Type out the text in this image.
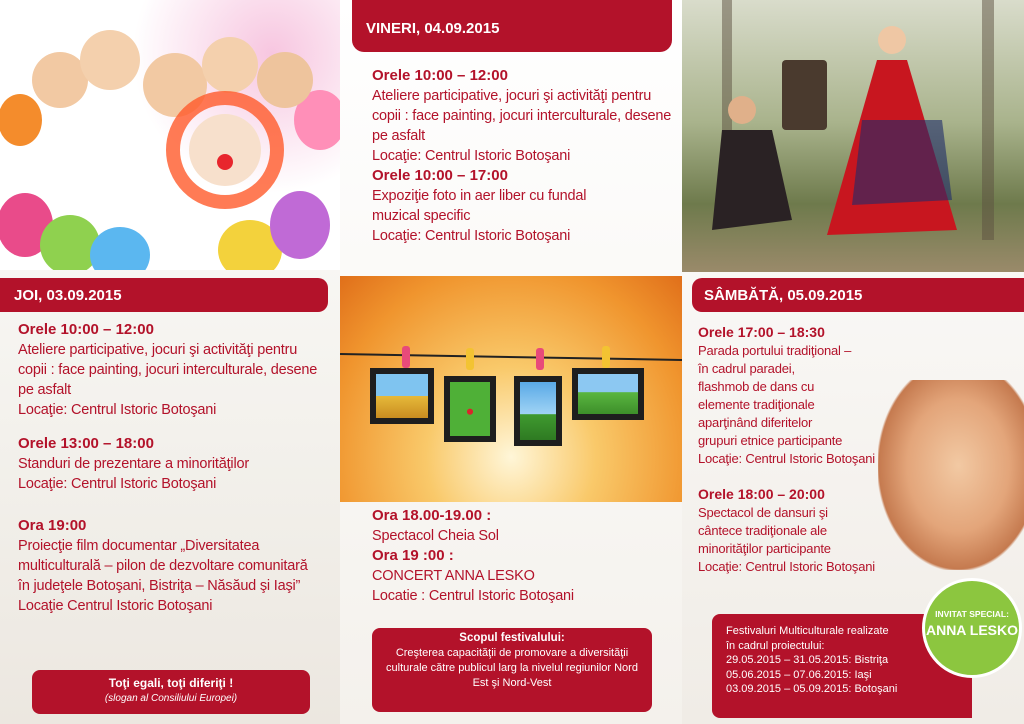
JOI, 03.09.2015
Orele 10:00 – 12:00
Ateliere participative, jocuri şi activităţi pentru
copii : face painting, jocuri interculturale, desene
pe asfalt
Locaţie: Centrul Istoric Botoşani
Orele 13:00 – 18:00
Standuri de prezentare a minorităţilor
Locaţie: Centrul Istoric Botoşani
Ora 19:00
Proiecţie film documentar „Diversitatea
multiculturală – pilon de dezvoltare comunitară
în judeţele Botoşani, Bistriţa – Năsăud şi Iaşi”
Locaţie Centrul Istoric Botoşani
Toţi egali, toţi diferiţi !
(slogan al Consiliului Europei)
VINERI, 04.09.2015
Orele 10:00 – 12:00
Ateliere participative, jocuri şi activităţi pentru
copii : face painting, jocuri interculturale, desene
pe asfalt
Locaţie: Centrul Istoric Botoşani
Orele 10:00 – 17:00
Expoziţie foto in aer liber cu fundal
muzical specific
Locaţie: Centrul Istoric Botoşani
Ora 18.00-19.00 :
Spectacol Cheia Sol
Ora 19 :00 :
CONCERT ANNA LESKO
Locatie : Centrul Istoric Botoşani
Scopul festivalului:
Creşterea capacităţii de promovare a diversităţii
culturale către publicul larg la nivelul regiunilor Nord
Est şi Nord-Vest
SÂMBĂTĂ, 05.09.2015
Orele 17:00 – 18:30
Parada portului tradiţional –
în cadrul paradei,
flashmob de dans cu
elemente tradiţionale
aparţinând diferitelor
grupuri etnice participante
Locaţie: Centrul Istoric Botoşani
Orele 18:00 – 20:00
Spectacol de dansuri şi
cântece tradiţionale ale
minorităţilor participante
Locaţie: Centrul Istoric Botoşani
Festivaluri Multiculturale realizate
în cadrul proiectului:
29.05.2015 – 31.05.2015: Bistriţa
05.06.2015 – 07.06.2015: Iaşi
03.09.2015 – 05.09.2015: Botoşani
INVITAT SPECIAL:
ANNA LESKO
